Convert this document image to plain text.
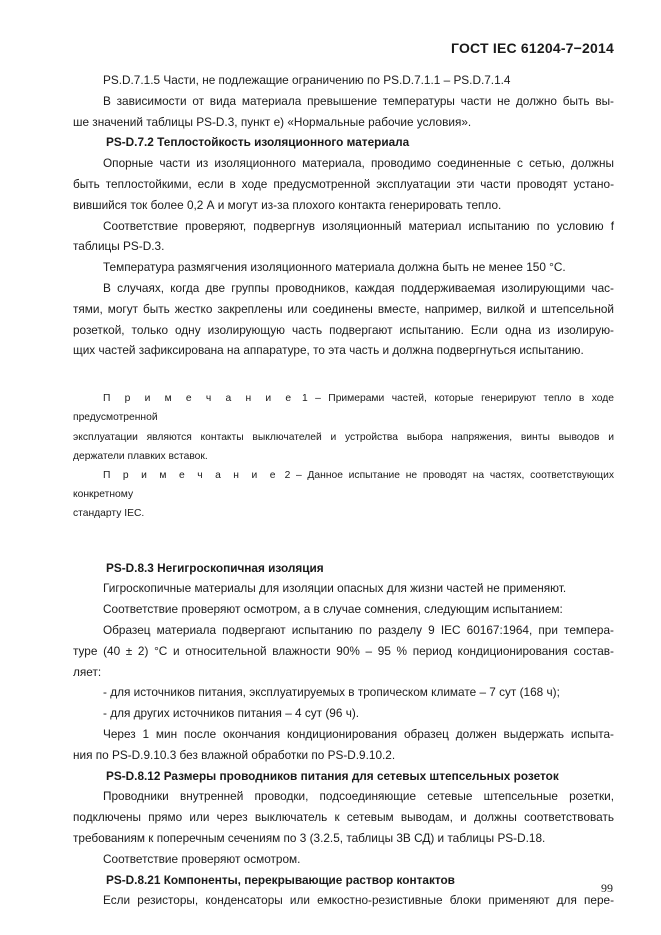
ГОСТ IEC 61204-7−2014
PS.D.7.1.5 Части, не подлежащие ограничению по PS.D.7.1.1 – PS.D.7.1.4
В зависимости от вида материала превышение температуры части не должно быть вы-
ше значений таблицы PS-D.3, пункт е) «Нормальные рабочие условия».
PS-D.7.2 Теплостойкость изоляционного материала
Опорные части из изоляционного материала, проводимо соединенные с сетью, должны
быть теплостойкими, если в ходе предусмотренной эксплуатации эти части проводят устано-
вившийся ток более 0,2 А и могут из-за плохого контакта генерировать тепло.
Соответствие проверяют, подвергнув изоляционный материал испытанию по условию f
таблицы PS-D.3.
Температура размягчения изоляционного материала должна быть не менее 150 °С.
В случаях, когда две группы проводников, каждая поддерживаемая изолирующими час-
тями, могут быть жестко закреплены или соединены вместе, например, вилкой и штепсельной
розеткой, только одну изолирующую часть подвергают испытанию. Если одна из изолирую-
щих частей зафиксирована на аппаратуре, то эта часть и должна подвергнуться испытанию.
П р и м е ч а н и е 1 – Примерами частей, которые генерируют тепло в ходе предусмотренной
эксплуатации являются контакты выключателей и устройства выбора напряжения, винты выводов и
держатели плавких вставок.
П р и м е ч а н и е 2 – Данное испытание не проводят на частях, соответствующих конкретному
стандарту IEC.
PS-D.8.3 Негигроскопичная изоляция
Гигроскопичные материалы для изоляции опасных для жизни частей не применяют.
Соответствие проверяют осмотром, а в случае сомнения, следующим испытанием:
Образец материала подвергают испытанию по разделу 9 IEC 60167:1964, при темпера-
туре (40 ± 2) °С и относительной влажности 90% – 95 % период кондиционирования состав-
ляет:
- для источников питания, эксплуатируемых в тропическом климате – 7 сут (168 ч);
- для других источников питания – 4 сут (96 ч).
Через 1 мин после окончания кондиционирования образец должен выдержать испыта-
ния по PS-D.9.10.3 без влажной обработки по PS-D.9.10.2.
PS-D.8.12 Размеры проводников питания для сетевых штепсельных розеток
Проводники внутренней проводки, подсоединяющие сетевые штепсельные розетки,
подключены прямо или через выключатель к сетевым выводам, и должны соответствовать
требованиям к поперечным сечениям по 3 (3.2.5, таблицы 3В СД) и таблицы PS-D.18.
Соответствие проверяют осмотром.
PS-D.8.21 Компоненты, перекрывающие раствор контактов
Если резисторы, конденсаторы или емкостно-резистивные блоки применяют для пере-
99
